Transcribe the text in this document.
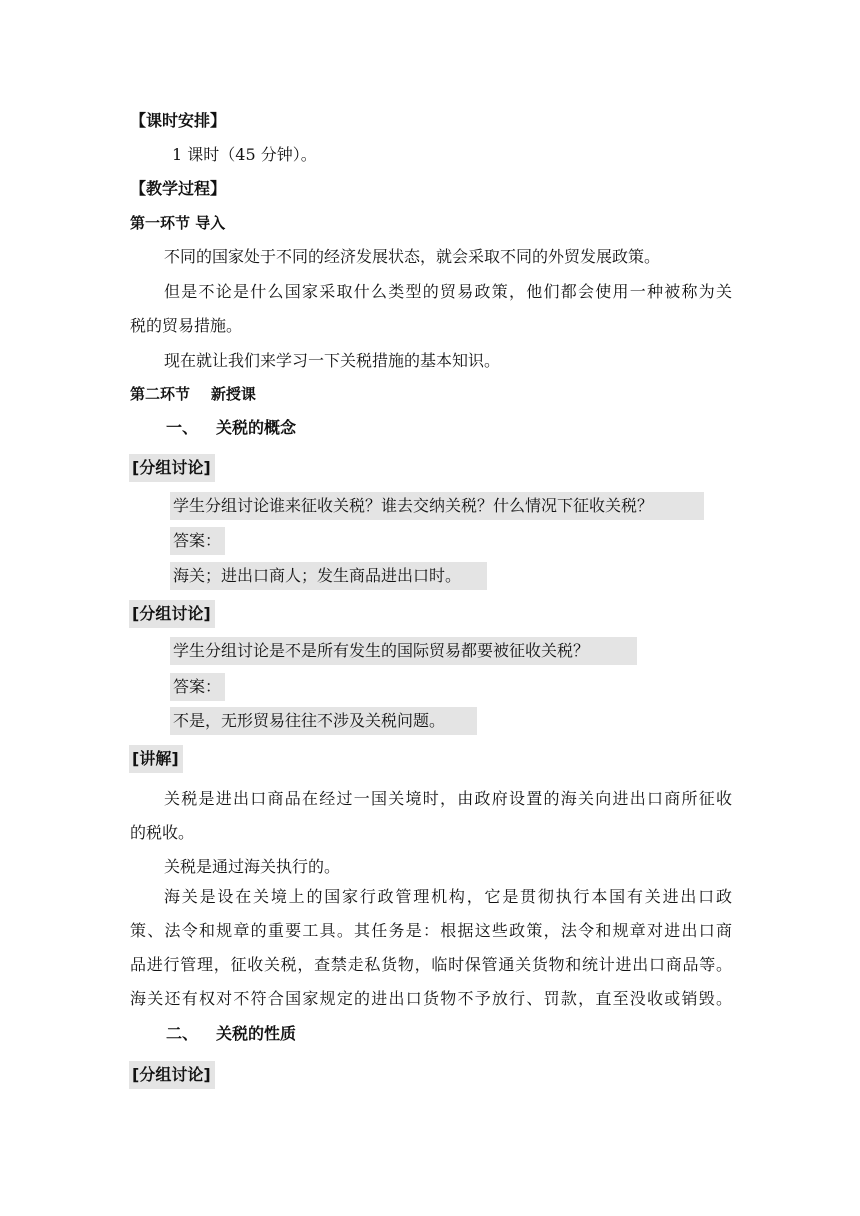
【课时安排】
1 课时（45 分钟）。
【教学过程】
第一环节 导入
不同的国家处于不同的经济发展状态，就会采取不同的外贸发展政策。
但是不论是什么国家采取什么类型的贸易政策，他们都会使用一种被称为关
税的贸易措施。
现在就让我们来学习一下关税措施的基本知识。
第二环节    新授课
一、 关税的概念
[分组讨论]
学生分组讨论谁来征收关税？谁去交纳关税？什么情况下征收关税？
答案：
海关；进出口商人；发生商品进出口时。
[分组讨论]
学生分组讨论是不是所有发生的国际贸易都要被征收关税？
答案：
不是，无形贸易往往不涉及关税问题。
[讲解]
关税是进出口商品在经过一国关境时，由政府设置的海关向进出口商所征收
的税收。
关税是通过海关执行的。
海关是设在关境上的国家行政管理机构，它是贯彻执行本国有关进出口政
策、法令和规章的重要工具。其任务是：根据这些政策，法令和规章对进出口商
品进行管理，征收关税，查禁走私货物，临时保管通关货物和统计进出口商品等。
海关还有权对不符合国家规定的进出口货物不予放行、罚款，直至没收或销毁。
二、 关税的性质
[分组讨论]
